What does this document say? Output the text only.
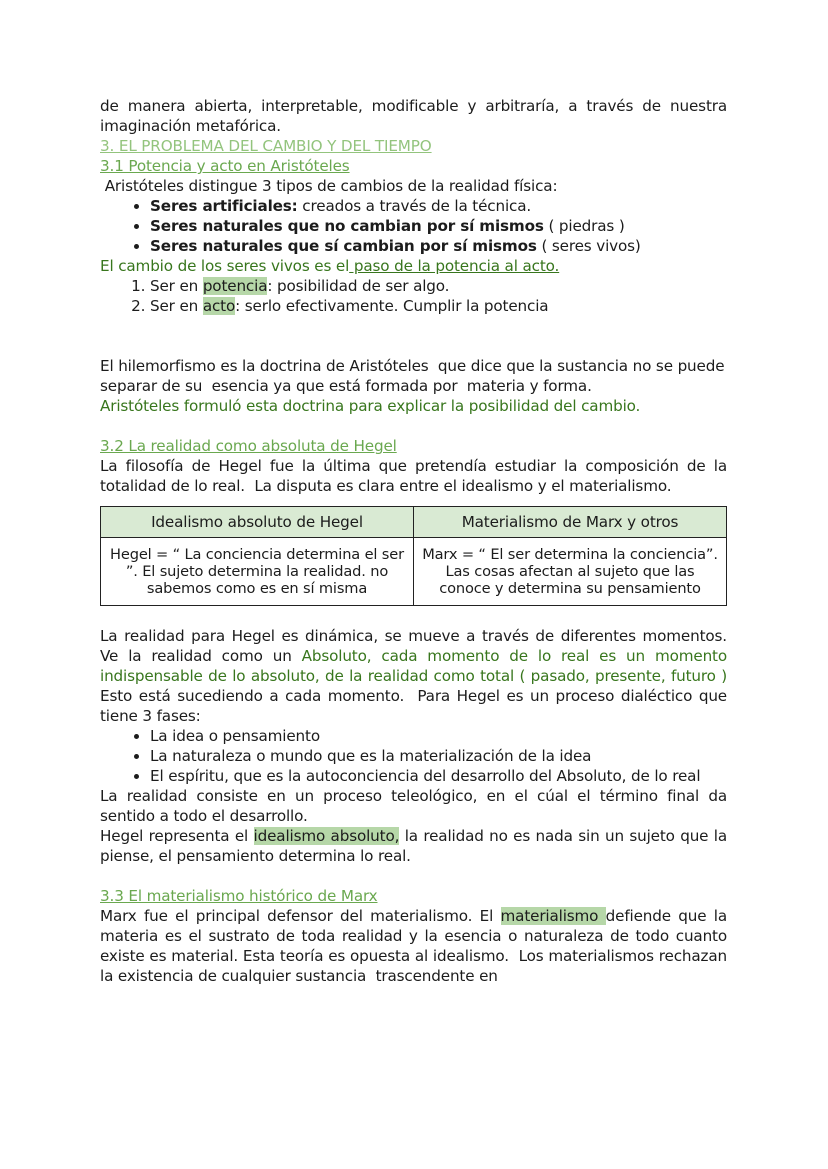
de manera abierta, interpretable, modificable y arbitraría, a través de nuestra imaginación metafórica.

3. EL PROBLEMA DEL CAMBIO Y DEL TIEMPO

3.1 Potencia y acto en Aristóteles

Aristóteles distingue 3 tipos de cambios de la realidad física:

• Seres artificiales: creados a través de la técnica.
• Seres naturales que no cambian por sí mismos ( piedras )
• Seres naturales que sí cambian por sí mismos ( seres vivos)

El cambio de los seres vivos es el paso de la potencia al acto.

1. Ser en potencia: posibilidad de ser algo.
2. Ser en acto: serlo efectivamente. Cumplir la potencia

El hilemorfismo es la doctrina de Aristóteles  que dice que la sustancia no se puede separar de su  esencia ya que está formada por  materia y forma.

Aristóteles formuló esta doctrina para explicar la posibilidad del cambio.

3.2 La realidad como absoluta de Hegel

La filosofía de Hegel fue la última que pretendía estudiar la composición de la totalidad de lo real.  La disputa es clara entre el idealismo y el materialismo.

Idealismo absoluto de Hegel	Materialismo de Marx y otros
Hegel = “ La conciencia determina el ser ”. El sujeto determina la realidad. no sabemos como es en sí misma	Marx = “ El ser determina la conciencia”. Las cosas afectan al sujeto que las conoce y determina su pensamiento

La realidad para Hegel es dinámica, se mueve a través de diferentes momentos.  Ve la realidad como un Absoluto, cada momento de lo real es un momento indispensable de lo absoluto, de la realidad como total ( pasado, presente, futuro ) Esto está sucediendo a cada momento.  Para Hegel es un proceso dialéctico que tiene 3 fases:

• La idea o pensamiento
• La naturaleza o mundo que es la materialización de la idea
• El espíritu, que es la autoconciencia del desarrollo del Absoluto, de lo real

La realidad consiste en un proceso teleológico, en el cúal el término final da sentido a todo el desarrollo.

Hegel representa el idealismo absoluto, la realidad no es nada sin un sujeto que la piense, el pensamiento determina lo real.

3.3 El materialismo histórico de Marx

Marx fue el principal defensor del materialismo. El materialismo defiende que la materia es el sustrato de toda realidad y la esencia o naturaleza de todo cuanto existe es material. Esta teoría es opuesta al idealismo.  Los materialismos rechazan la existencia de cualquier sustancia  trascendente en
